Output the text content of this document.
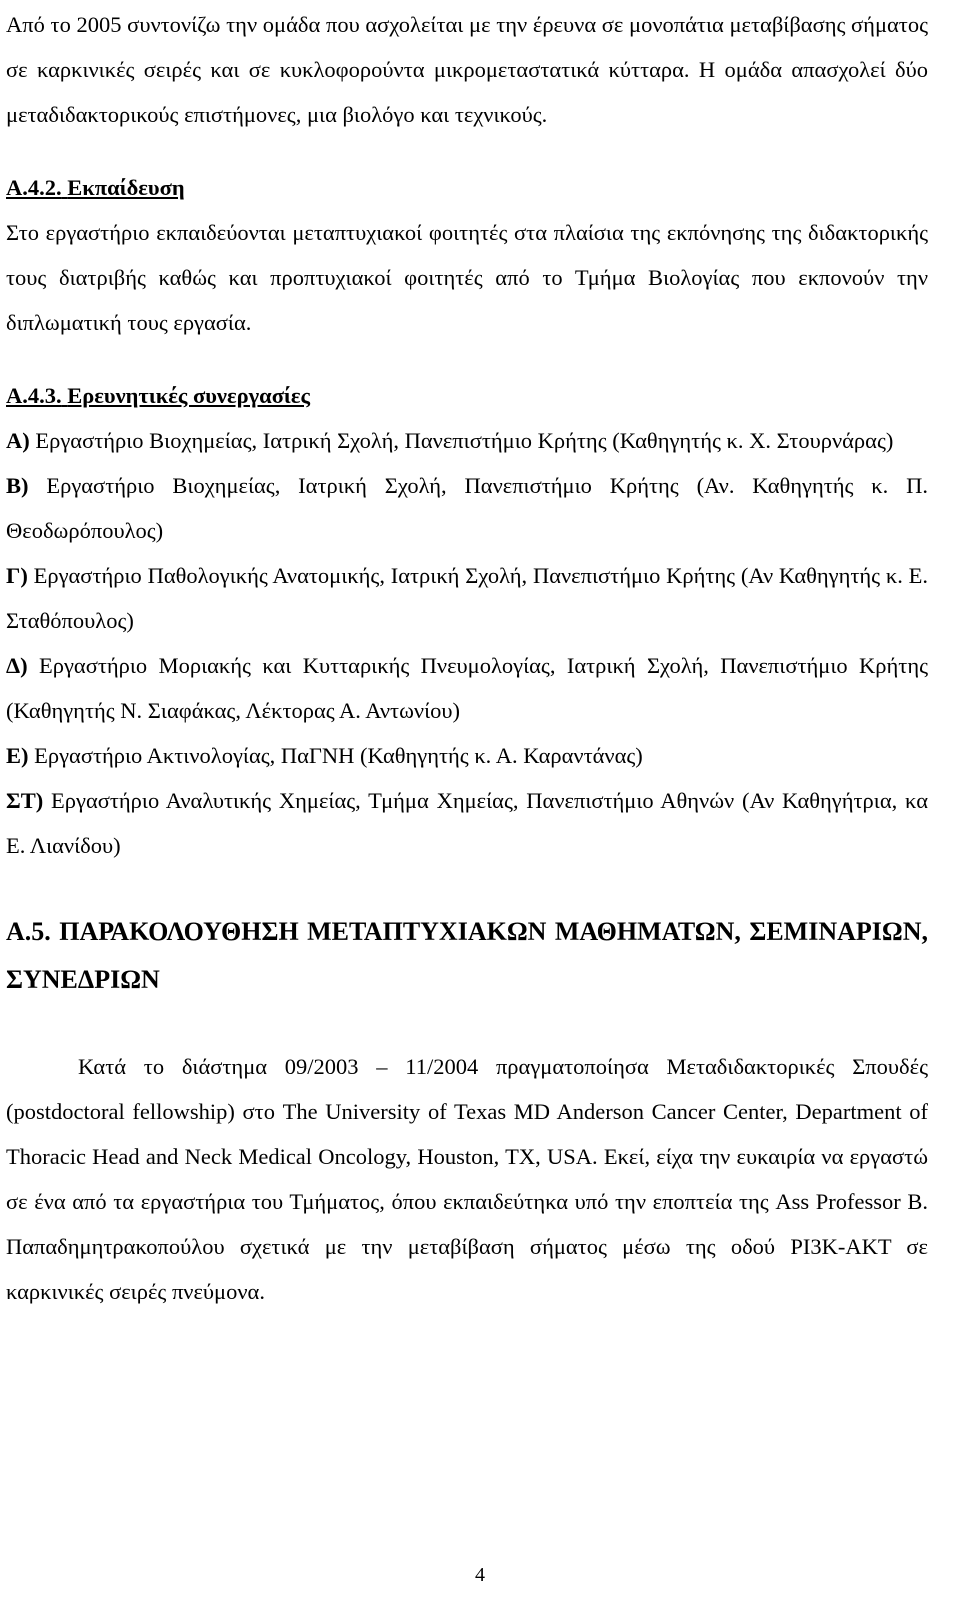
Από το 2005 συντονίζω την ομάδα που ασχολείται με την έρευνα σε μονοπάτια μεταβίβασης σήματος σε καρκινικές σειρές και σε κυκλοφορούντα μικρομεταστατικά κύτταρα. Η ομάδα απασχολεί δύο μεταδιδακτορικούς επιστήμονες, μια βιολόγο και τεχνικούς.

Α.4.2. Εκπαίδευση

Στο εργαστήριο εκπαιδεύονται μεταπτυχιακοί φοιτητές στα πλαίσια της εκπόνησης της διδακτορικής τους διατριβής καθώς και προπτυχιακοί φοιτητές από το Τμήμα Βιολογίας που εκπονούν την διπλωματική τους εργασία.

Α.4.3. Ερευνητικές συνεργασίες

Α) Εργαστήριο Βιοχημείας, Ιατρική Σχολή, Πανεπιστήμιο Κρήτης (Καθηγητής κ. Χ. Στουρνάρας)

Β) Εργαστήριο Βιοχημείας, Ιατρική Σχολή, Πανεπιστήμιο Κρήτης (Αν. Καθηγητής κ. Π. Θεοδωρόπουλος)

Γ) Εργαστήριο Παθολογικής Ανατομικής, Ιατρική Σχολή, Πανεπιστήμιο Κρήτης (Αν Καθηγητής κ. Ε. Σταθόπουλος)

Δ) Εργαστήριο Μοριακής και Κυτταρικής Πνευμολογίας, Ιατρική Σχολή, Πανεπιστήμιο Κρήτης (Καθηγητής Ν. Σιαφάκας, Λέκτορας Α. Αντωνίου)

Ε) Εργαστήριο Ακτινολογίας, ΠαΓΝΗ (Καθηγητής κ. Α. Καραντάνας)

ΣΤ) Εργαστήριο Αναλυτικής Χημείας, Τμήμα Χημείας, Πανεπιστήμιο Αθηνών (Αν Καθηγήτρια, κα Ε. Λιανίδου)

Α.5. ΠΑΡΑΚΟΛΟΥΘΗΣΗ ΜΕΤΑΠΤΥΧΙΑΚΩΝ ΜΑΘΗΜΑΤΩΝ, ΣΕΜΙΝΑΡΙΩΝ, ΣΥΝΕΔΡΙΩΝ

Κατά το διάστημα 09/2003 – 11/2004 πραγματοποίησα Μεταδιδακτορικές Σπουδές (postdoctoral fellowship) στο The University of Texas MD Anderson Cancer Center, Department of Thoracic Head and Neck Medical Oncology, Houston, TX, USA. Εκεί, είχα την ευκαιρία να εργαστώ σε ένα από τα εργαστήρια του Τμήματος, όπου εκπαιδεύτηκα υπό την εποπτεία της Ass Professor Β. Παπαδημητρακοπούλου σχετικά με την μεταβίβαση σήματος μέσω της οδού PI3K-AKT σε καρκινικές σειρές πνεύμονα.

4
